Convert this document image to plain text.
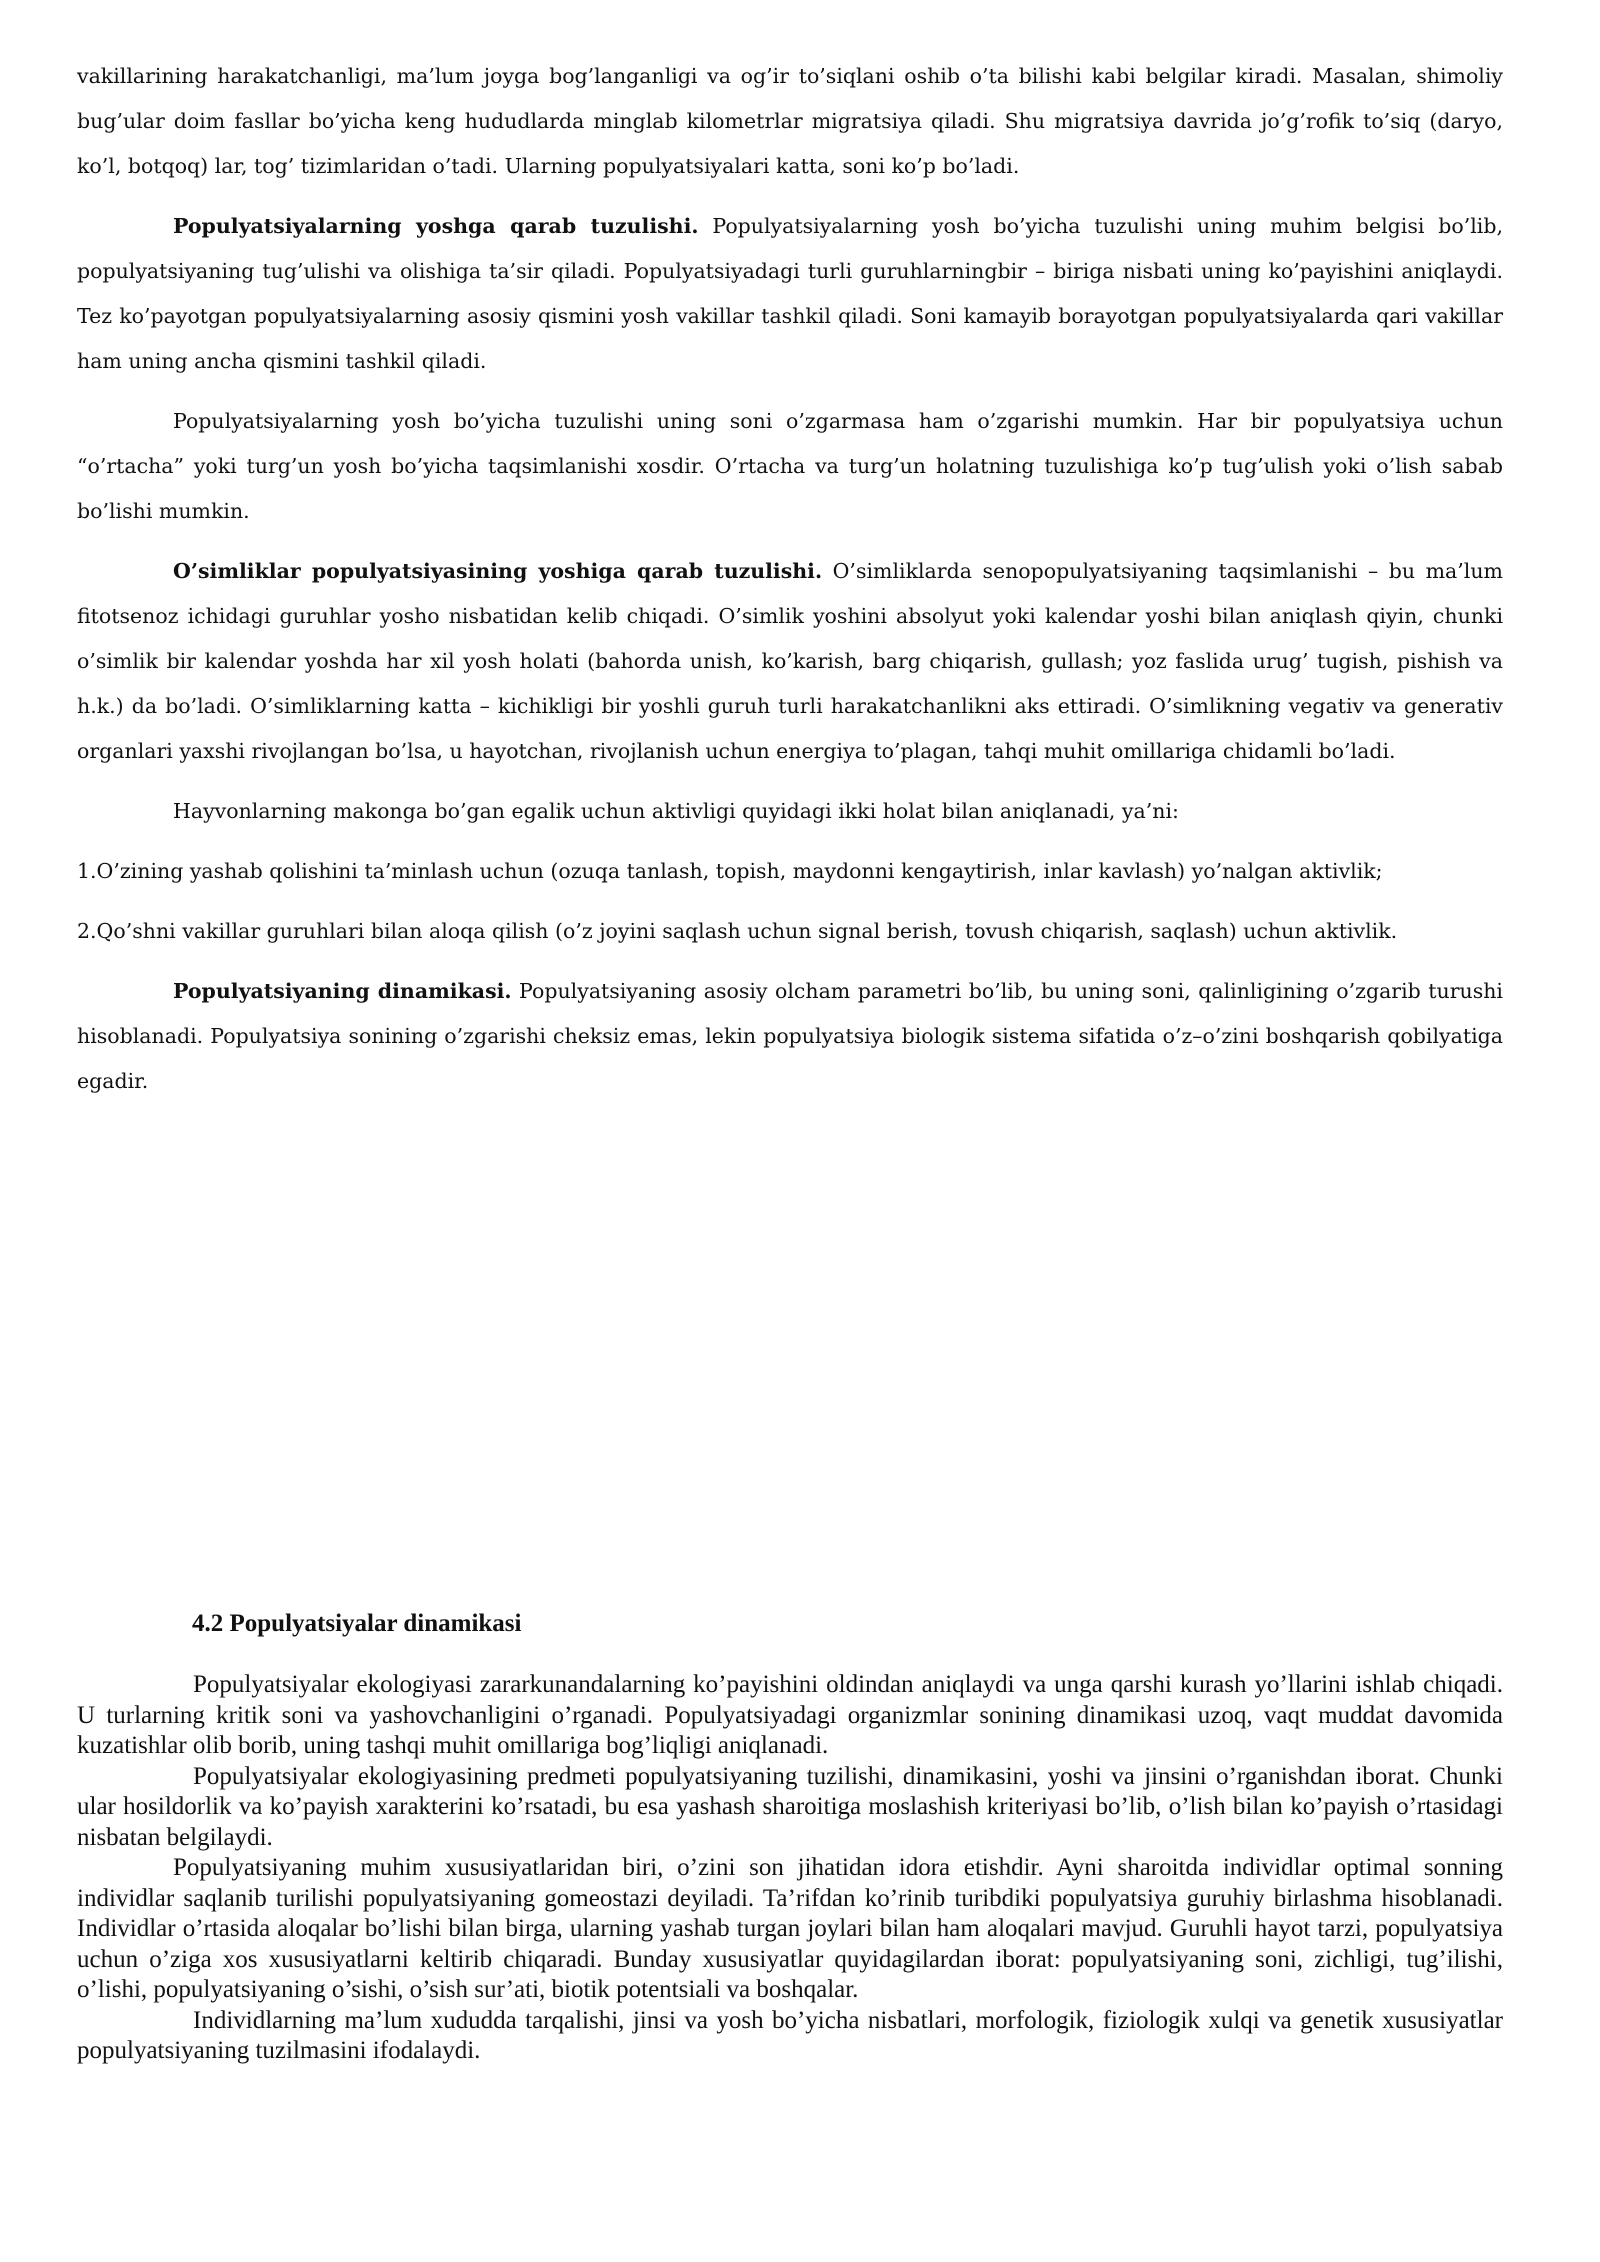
vakillarining harakatchanligi, ma’lum joyga bog’langanligi va og’ir to’siqlani oshib o’ta bilishi kabi belgilar kiradi. Masalan, shimoliy bug’ular doim fasllar bo’yicha keng hududlarda minglab kilometrlar migratsiya qiladi. Shu migratsiya davrida jo’g’rofik to’siq (daryo, ko’l, botqoq) lar, tog’ tizimlaridan o’tadi. Ularning populyatsiyalari katta, soni ko’p bo’ladi.

Populyatsiyalarning yoshga qarab tuzulishi. Populyatsiyalarning yosh bo’yicha tuzulishi uning muhim belgisi bo’lib, populyatsiyaning tug’ulishi va olishiga ta’sir qiladi. Populyatsiyadagi turli guruhlarningbir – biriga nisbati uning ko’payishini aniqlaydi. Tez ko’payotgan populyatsiyalarning asosiy qismini yosh vakillar tashkil qiladi. Soni kamayib borayotgan populyatsiyalarda qari vakillar ham uning ancha qismini tashkil qiladi.

Populyatsiyalarning yosh bo’yicha tuzulishi uning soni o’zgarmasa ham o’zgarishi mumkin. Har bir populyatsiya uchun “o’rtacha” yoki turg’un yosh bo’yicha taqsimlanishi xosdir. O’rtacha va turg’un holatning tuzulishiga ko’p tug’ulish yoki o’lish sabab bo’lishi mumkin.

O’simliklar populyatsiyasining yoshiga qarab tuzulishi. O’simliklarda senopopulyatsiyaning taqsimlanishi – bu ma’lum fitotsenoz ichidagi guruhlar yosho nisbatidan kelib chiqadi. O’simlik yoshini absolyut yoki kalendar yoshi bilan aniqlash qiyin, chunki o’simlik bir kalendar yoshda har xil yosh holati (bahorda unish, ko’karish, barg chiqarish, gullash; yoz faslida urug’ tugish, pishish va h.k.) da bo’ladi. O’simliklarning katta – kichikligi bir yoshli guruh turli harakatchanlikni aks ettiradi. O’simlikning vegativ va generativ organlari yaxshi rivojlangan bo’lsa, u hayotchan, rivojlanish uchun energiya to’plagan, tahqi muhit omillariga chidamli bo’ladi.

Hayvonlarning makonga bo’gan egalik uchun aktivligi quyidagi ikki holat bilan aniqlanadi, ya’ni:

1.O’zining yashab qolishini ta’minlash uchun (ozuqa tanlash, topish, maydonni kengaytirish, inlar kavlash) yo’nalgan aktivlik;

2.Qo’shni vakillar guruhlari bilan aloqa qilish (o’z joyini saqlash uchun signal berish, tovush chiqarish, saqlash) uchun aktivlik.

Populyatsiyaning dinamikasi. Populyatsiyaning asosiy olcham parametri bo’lib, bu uning soni, qalinligining o’zgarib turushi hisoblanadi. Populyatsiya sonining o’zgarishi cheksiz emas, lekin populyatsiya biologik sistema sifatida o’z–o’zini boshqarish qobilyatiga egadir.

4.2 Populyatsiyalar dinamikasi

Populyatsiyalar ekologiyasi zararkunandalarning ko’payishini oldindan aniqlaydi va unga qarshi kurash yo’llarini ishlab chiqadi. U turlarning kritik soni va yashovchanligini o’rganadi. Populyatsiyadagi organizmlar sonining dinamikasi uzoq, vaqt muddat davomida kuzatishlar olib borib, uning tashqi muhit omillariga bog’liqligi aniqlanadi.

Populyatsiyalar ekologiyasining predmeti populyatsiyaning tuzilishi, dinamikasini, yoshi va jinsini o’rganishdan iborat. Chunki ular hosildorlik va ko’payish xarakterini ko’rsatadi, bu esa yashash sharoitiga moslashish kriteriyasi bo’lib, o’lish bilan ko’payish o’rtasidagi nisbatan belgilaydi.

Populyatsiyaning muhim xususiyatlaridan biri, o’zini son jihatidan idora etishdir. Ayni sharoitda individlar optimal sonning individlar saqlanib turilishi populyatsiyaning gomeostazi deyiladi. Ta’rifdan ko’rinib turibdiki populyatsiya guruhiy birlashma hisoblanadi. Individlar o’rtasida aloqalar bo’lishi bilan birga, ularning yashab turgan joylari bilan ham aloqalari mavjud. Guruhli hayot tarzi, populyatsiya uchun o’ziga xos xususiyatlarni keltirib chiqaradi. Bunday xususiyatlar quyidagilardan iborat: populyatsiyaning soni, zichligi, tug’ilishi, o’lishi, populyatsiyaning o’sishi, o’sish sur’ati, biotik potentsiali va boshqalar.

Individlarning ma’lum xududda tarqalishi, jinsi va yosh bo’yicha nisbatlari, morfologik, fiziologik xulqi va genetik xususiyatlar populyatsiyaning tuzilmasini ifodalaydi.
